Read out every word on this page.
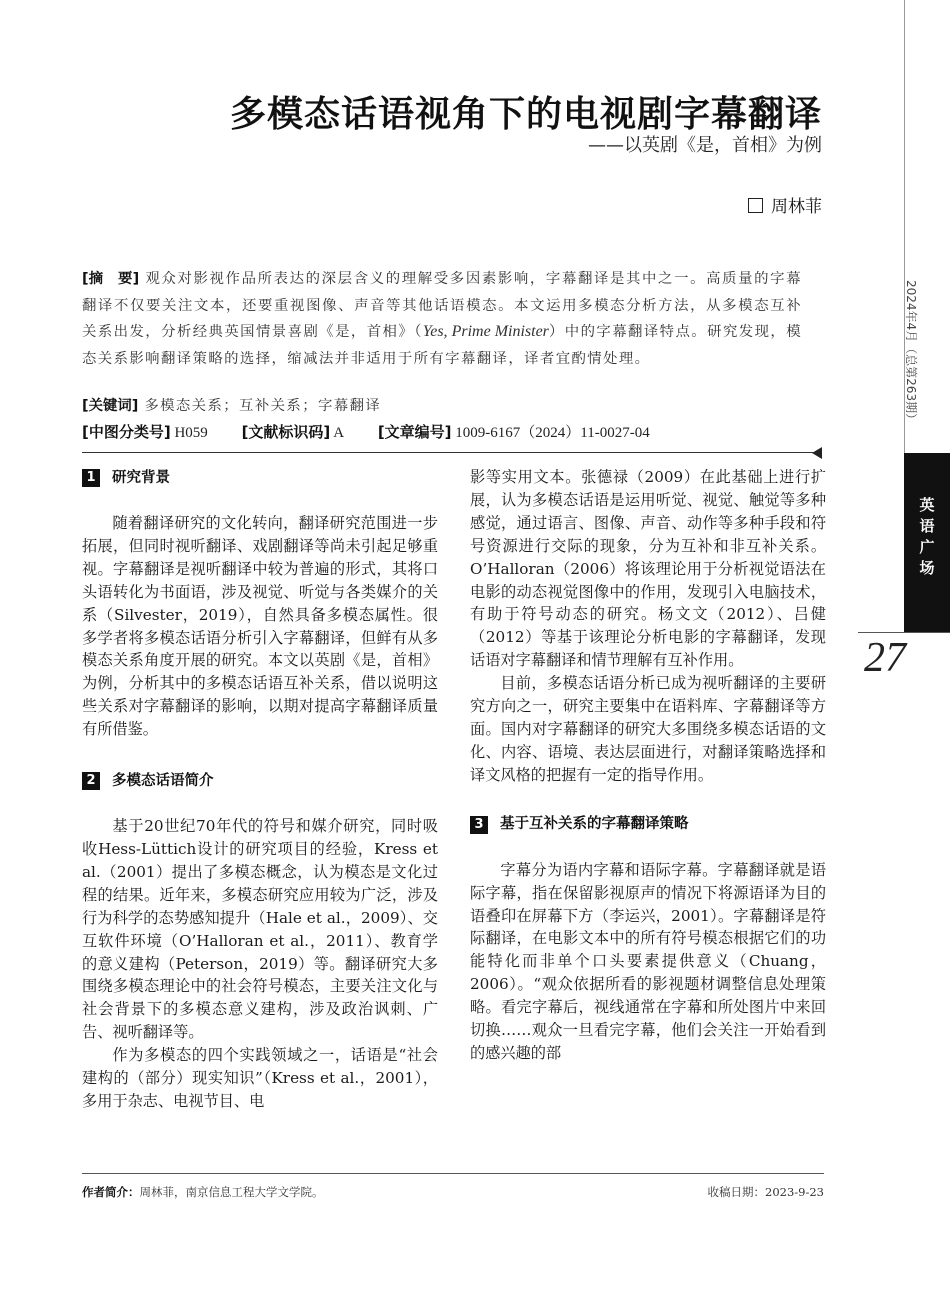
多模态话语视角下的电视剧字幕翻译
——以英剧《是，首相》为例
周林菲
[摘　要] 观众对影视作品所表达的深层含义的理解受多因素影响，字幕翻译是其中之一。高质量的字幕翻译不仅要关注文本，还要重视图像、声音等其他话语模态。本文运用多模态分析方法，从多模态互补关系出发，分析经典英国情景喜剧《是，首相》（Yes, Prime Minister）中的字幕翻译特点。研究发现，模态关系影响翻译策略的选择，缩减法并非适用于所有字幕翻译，译者宜酌情处理。
[关键词] 多模态关系；互补关系；字幕翻译
[中图分类号] H059 [文献标识码] A [文章编号] 1009-6167（2024）11-0027-04
1	研究背景

随着翻译研究的文化转向，翻译研究范围进一步拓展，但同时视听翻译、戏剧翻译等尚未引起足够重视。字幕翻译是视听翻译中较为普遍的形式，其将口头语转化为书面语，涉及视觉、听觉与各类媒介的关系（Silvester，2019），自然具备多模态属性。很多学者将多模态话语分析引入字幕翻译，但鲜有从多模态关系角度开展的研究。本文以英剧《是，首相》为例，分析其中的多模态话语互补关系，借以说明这些关系对字幕翻译的影响，以期对提高字幕翻译质量有所借鉴。

2	多模态话语简介

基于20世纪70年代的符号和媒介研究，同时吸收Hess-Lüttich设计的研究项目的经验，Kress et al.（2001）提出了多模态概念，认为模态是文化过程的结果。近年来，多模态研究应用较为广泛，涉及行为科学的态势感知提升（Hale et al.，2009）、交互软件环境（O’Halloran et al.，2011）、教育学的意义建构（Peterson，2019）等。翻译研究大多围绕多模态理论中的社会符号模态，主要关注文化与社会背景下的多模态意义建构，涉及政治讽刺、广告、视听翻译等。

作为多模态的四个实践领域之一，话语是“社会建构的（部分）现实知识”（Kress et al.，2001），多用于杂志、电视节目、电

影等实用文本。张德禄（2009）在此基础上进行扩展，认为多模态话语是运用听觉、视觉、触觉等多种感觉，通过语言、图像、声音、动作等多种手段和符号资源进行交际的现象，分为互补和非互补关系。O’Halloran（2006）将该理论用于分析视觉语法在电影的动态视觉图像中的作用，发现引入电脑技术，有助于符号动态的研究。杨文文（2012）、吕健（2012）等基于该理论分析电影的字幕翻译，发现话语对字幕翻译和情节理解有互补作用。

目前，多模态话语分析已成为视听翻译的主要研究方向之一，研究主要集中在语料库、字幕翻译等方面。国内对字幕翻译的研究大多围绕多模态话语的文化、内容、语境、表达层面进行，对翻译策略选择和译文风格的把握有一定的指导作用。

3	基于互补关系的字幕翻译策略

字幕分为语内字幕和语际字幕。字幕翻译就是语际字幕，指在保留影视原声的情况下将源语译为目的语叠印在屏幕下方（李运兴，2001）。字幕翻译是符际翻译，在电影文本中的所有符号模态根据它们的功能特化而非单个口头要素提供意义（Chuang，2006）。“观众依据所看的影视题材调整信息处理策略。看完字幕后，视线通常在字幕和所处图片中来回切换……观众一旦看完字幕，他们会关注一开始看到的感兴趣的部

2024年4月（总第263期）
英语广场
27
作者简介：周林菲，南京信息工程大学文学院。	收稿日期：2023-9-23
